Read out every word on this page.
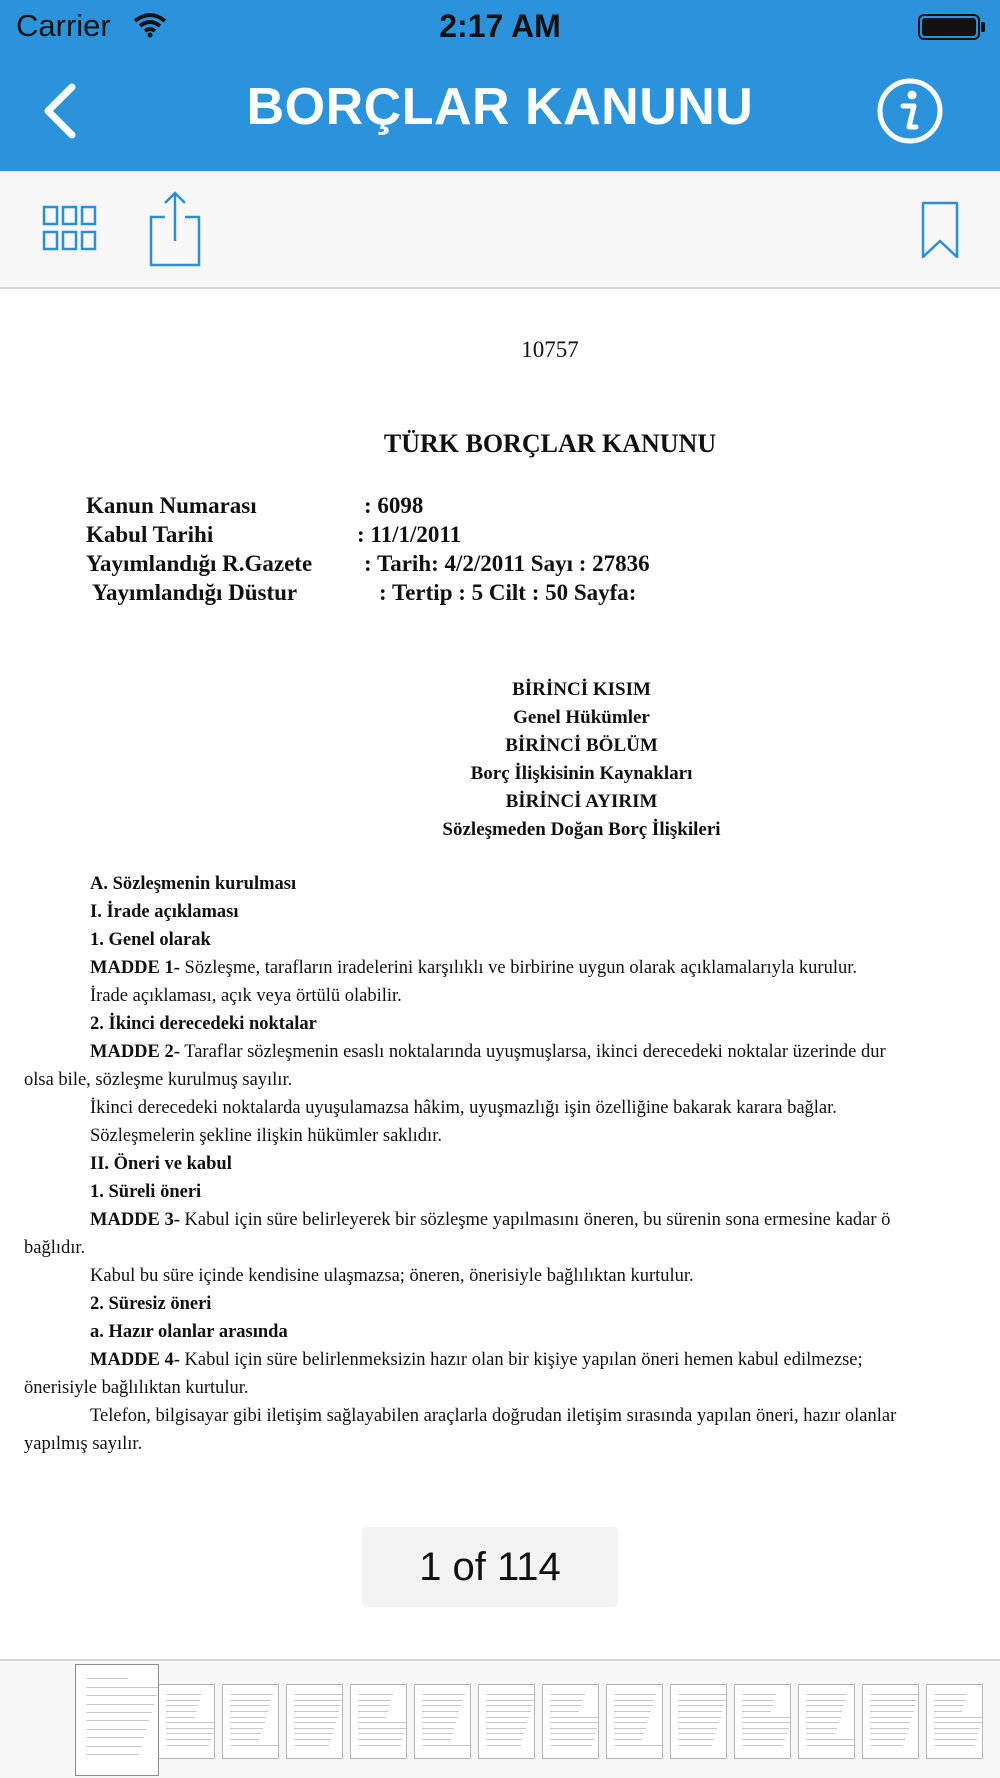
Carrier	2:17 AM
BORÇLAR KANUNU
10757
TÜRK BORÇLAR KANUNU
Kanun Numarası	: 6098
Kabul Tarihi	: 11/1/2011
Yayımlandığı R.Gazete : Tarih: 4/2/2011 Sayı : 27836
Yayımlandığı Düstur	: Tertip : 5 Cilt : 50 Sayfa:
BİRİNCİ KISIM
Genel Hükümler
BİRİNCİ BÖLÜM
Borç İlişkisinin Kaynakları
BİRİNCİ AYIRIM
Sözleşmeden Doğan Borç İlişkileri
A. Sözleşmenin kurulması
I. İrade açıklaması
1. Genel olarak
MADDE 1- Sözleşme, tarafların iradelerini karşılıklı ve birbirine uygun olarak açıklamalarıyla kurulur.
İrade açıklaması, açık veya örtülü olabilir.
2. İkinci derecedeki noktalar
MADDE 2- Taraflar sözleşmenin esaslı noktalarında uyuşmuşlarsa, ikinci derecedeki noktalar üzerinde dur
olsa bile, sözleşme kurulmuş sayılır.
İkinci derecedeki noktalarda uyuşulamazsa hâkim, uyuşmazlığı işin özelliğine bakarak karara bağlar.
Sözleşmelerin şekline ilişkin hükümler saklıdır.
II. Öneri ve kabul
1. Süreli öneri
MADDE 3- Kabul için süre belirleyerek bir sözleşme yapılmasını öneren, bu sürenin sona ermesine kadar ö
bağlıdır.
Kabul bu süre içinde kendisine ulaşmazsa; öneren, önerisiyle bağlılıktan kurtulur.
2. Süresiz öneri
a. Hazır olanlar arasında
MADDE 4- Kabul için süre belirlenmeksizin hazır olan bir kişiye yapılan öneri hemen kabul edilmezse;
önerisiyle bağlılıktan kurtulur.
Telefon, bilgisayar gibi iletişim sağlayabilen araçlarla doğrudan iletişim sırasında yapılan öneri, hazır olanlar
yapılmış sayılır.
1 of 114
